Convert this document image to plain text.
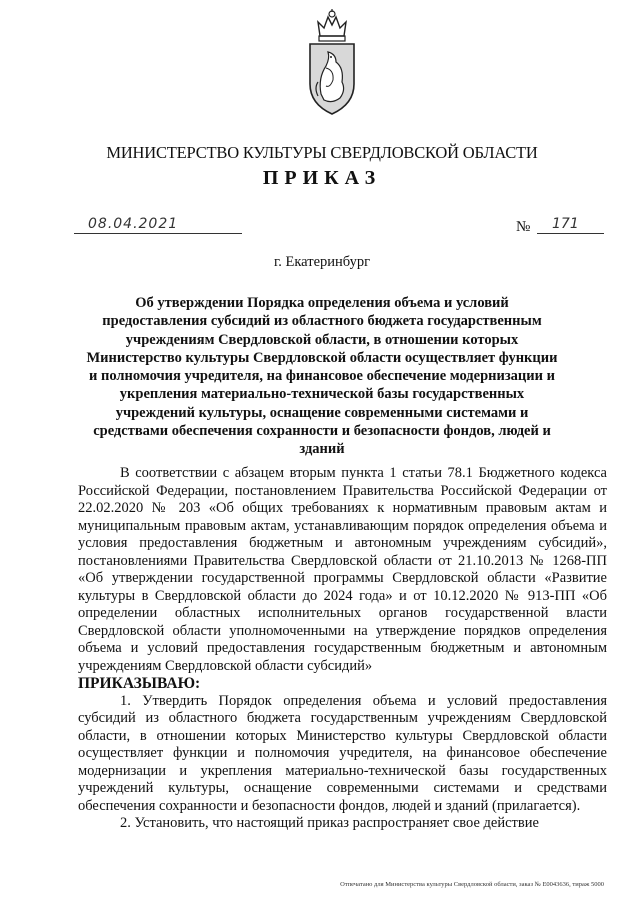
МИНИСТЕРСТВО КУЛЬТУРЫ СВЕРДЛОВСКОЙ ОБЛАСТИ
ПРИКАЗ
08.04.2021	№ 171
г. Екатеринбург
Об утверждении Порядка определения объема и условий предоставления субсидий из областного бюджета государственным учреждениям Свердловской области, в отношении которых Министерство культуры Свердловской области осуществляет функции и полномочия учредителя, на финансовое обеспечение модернизации и укрепления материально-технической базы государственных учреждений культуры, оснащение современными системами и средствами обеспечения сохранности и безопасности фондов, людей и зданий

В соответствии с абзацем вторым пункта 1 статьи 78.1 Бюджетного кодекса Российской Федерации, постановлением Правительства Российской Федерации от 22.02.2020 № 203 «Об общих требованиях к нормативным правовым актам и муниципальным правовым актам, устанавливающим порядок определения объема и условия предоставления бюджетным и автономным учреждениям субсидий», постановлениями Правительства Свердловской области от 21.10.2013 № 1268-ПП «Об утверждении государственной программы Свердловской области «Развитие культуры в Свердловской области до 2024 года» и от 10.12.2020 № 913-ПП «Об определении областных исполнительных органов государственной власти Свердловской области уполномоченными на утверждение порядков определения объема и условий предоставления государственным бюджетным и автономным учреждениям Свердловской области субсидий»

ПРИКАЗЫВАЮ:

1. Утвердить Порядок определения объема и условий предоставления субсидий из областного бюджета государственным учреждениям Свердловской области, в отношении которых Министерство культуры Свердловской области осуществляет функции и полномочия учредителя, на финансовое обеспечение модернизации и укрепления материально-технической базы государственных учреждений культуры, оснащение современными системами и средствами обеспечения сохранности и безопасности фондов, людей и зданий (прилагается).

2. Установить, что настоящий приказ распространяет свое действие

Отпечатано для Министерства культуры Свердловской области, заказ № Е0043636, тираж 5000
